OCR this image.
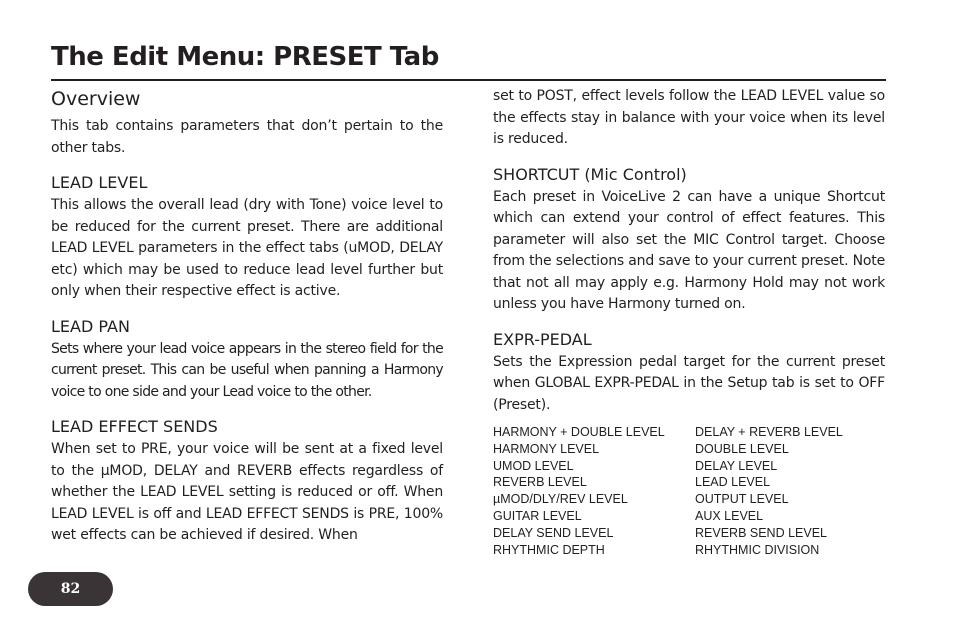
The Edit Menu: PRESET Tab
Overview

This tab contains parameters that don’t pertain to the other tabs.

LEAD LEVEL

This allows the overall lead (dry with Tone) voice level to be reduced for the current preset. There are additional LEAD LEVEL parameters in the effect tabs (uMOD, DELAY etc) which may be used to reduce lead level further but only when their respective effect is active.

LEAD PAN

Sets where your lead voice appears in the stereo field for the current preset. This can be useful when panning a Harmony voice to one side and your Lead voice to the other.

LEAD EFFECT SENDS

When set to PRE, your voice will be sent at a fixed level to the µMOD, DELAY and REVERB effects regardless of whether the LEAD LEVEL setting is reduced or off. When LEAD LEVEL is off and LEAD EFFECT SENDS is PRE, 100% wet effects can be achieved if desired. When

set to POST, effect levels follow the LEAD LEVEL value so the effects stay in balance with your voice when its level is reduced.

SHORTCUT (Mic Control)

Each preset in VoiceLive 2 can have a unique Shortcut which can extend your control of effect features. This parameter will also set the MIC Control target. Choose from the selections and save to your current preset. Note that not all may apply e.g. Harmony Hold may not work unless you have Harmony turned on.

EXPR-PEDAL

Sets the Expression pedal target for the current preset when GLOBAL EXPR-PEDAL in the Setup tab is set to OFF (Preset).

HARMONY + DOUBLE LEVEL	DELAY + REVERB LEVEL
HARMONY LEVEL	DOUBLE LEVEL
UMOD LEVEL	DELAY LEVEL
REVERB LEVEL	LEAD LEVEL
µMOD/DLY/REV LEVEL	OUTPUT LEVEL
GUITAR LEVEL	AUX LEVEL
DELAY SEND LEVEL	REVERB SEND LEVEL
RHYTHMIC DEPTH	RHYTHMIC DIVISION
82
